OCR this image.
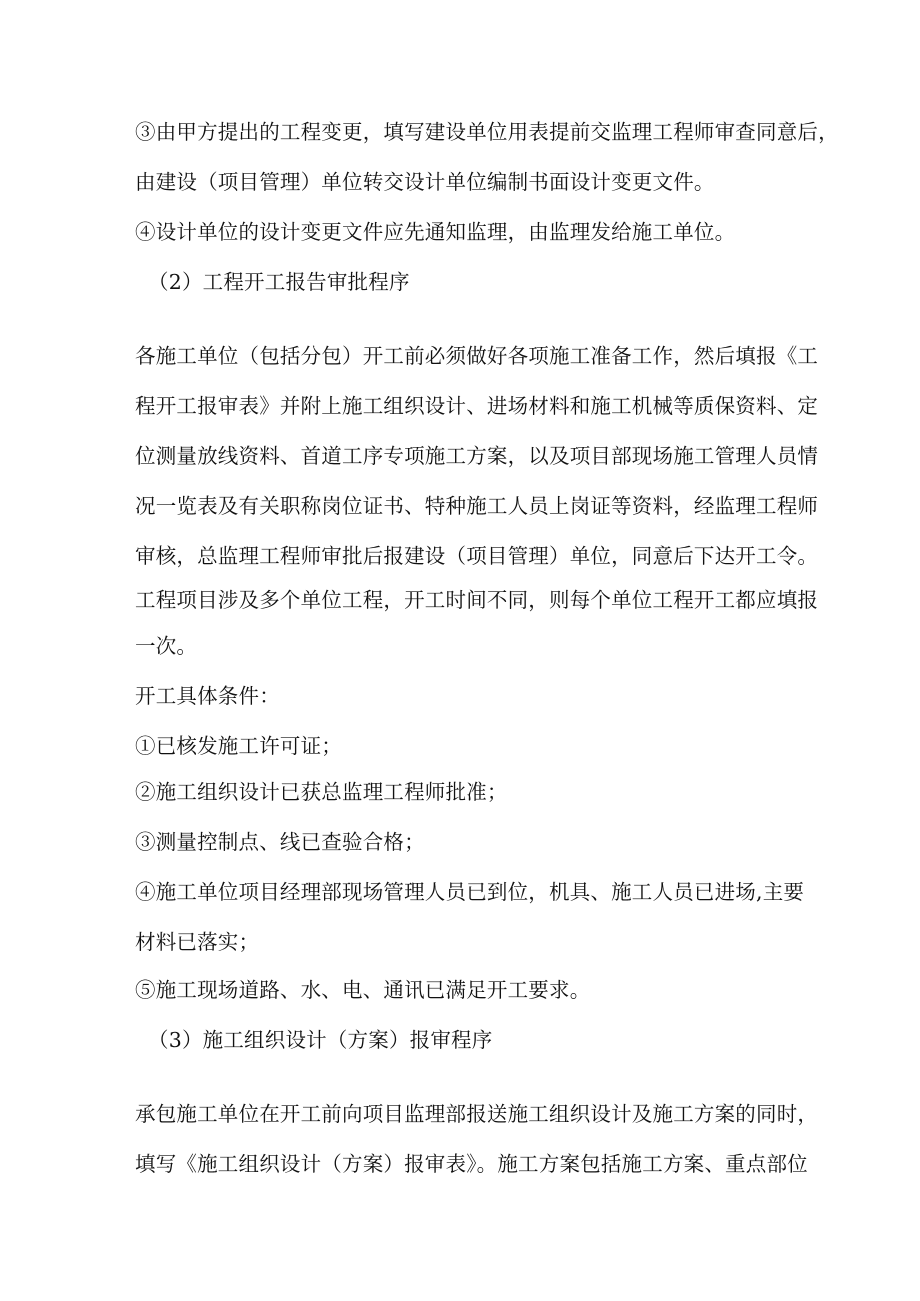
③由甲方提出的工程变更，填写建设单位用表提前交监理工程师审查同意后，
由建设（项目管理）单位转交设计单位编制书面设计变更文件。
④设计单位的设计变更文件应先通知监理，由监理发给施工单位。
（2）工程开工报告审批程序
各施工单位（包括分包）开工前必须做好各项施工准备工作，然后填报《工
程开工报审表》并附上施工组织设计、进场材料和施工机械等质保资料、定
位测量放线资料、首道工序专项施工方案，以及项目部现场施工管理人员情
况一览表及有关职称岗位证书、特种施工人员上岗证等资料，经监理工程师
审核，总监理工程师审批后报建设（项目管理）单位，同意后下达开工令。
工程项目涉及多个单位工程，开工时间不同，则每个单位工程开工都应填报
一次。
开工具体条件：
①已核发施工许可证；
②施工组织设计已获总监理工程师批准；
③测量控制点、线已查验合格；
④施工单位项目经理部现场管理人员已到位，机具、施工人员已进场,主要
材料已落实；
⑤施工现场道路、水、电、通讯已满足开工要求。
（3）施工组织设计（方案）报审程序
承包施工单位在开工前向项目监理部报送施工组织设计及施工方案的同时，
填写《施工组织设计（方案）报审表》。施工方案包括施工方案、重点部位
